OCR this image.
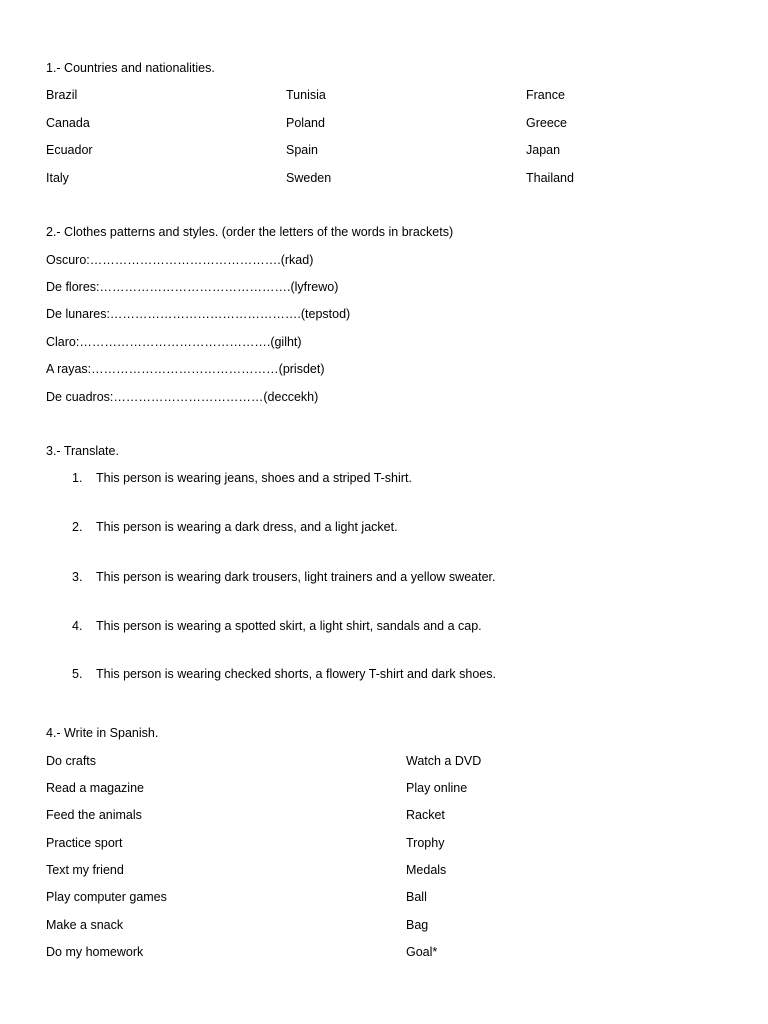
1.- Countries and nationalities.
Brazil	Tunisia	France
Canada	Poland	Greece
Ecuador	Spain	Japan
Italy	Sweden	Thailand
2.- Clothes patterns and styles. (order the letters of the words in brackets)
Oscuro:……………………………………….(rkad)
De flores:……………………………………….(lyfrewo)
De lunares:……………………………………….(tepstod)
Claro:……………………………………….(gilht)
A rayas:………………………………………(prisdet)
De cuadros:………………………………(deccekh)
3.- Translate.
1. This person is wearing jeans, shoes and a striped T-shirt.
2. This person is wearing a dark dress, and a light jacket.
3. This person is wearing dark trousers, light trainers and a yellow sweater.
4. This person is wearing a spotted skirt, a light shirt, sandals and a cap.
5. This person is wearing checked shorts, a flowery T-shirt and dark shoes.
4.- Write in Spanish.
Do crafts	Watch a DVD
Read a magazine	Play online
Feed the animals	Racket
Practice sport	Trophy
Text my friend	Medals
Play computer games	Ball
Make a snack	Bag
Do my homework	Goal*
